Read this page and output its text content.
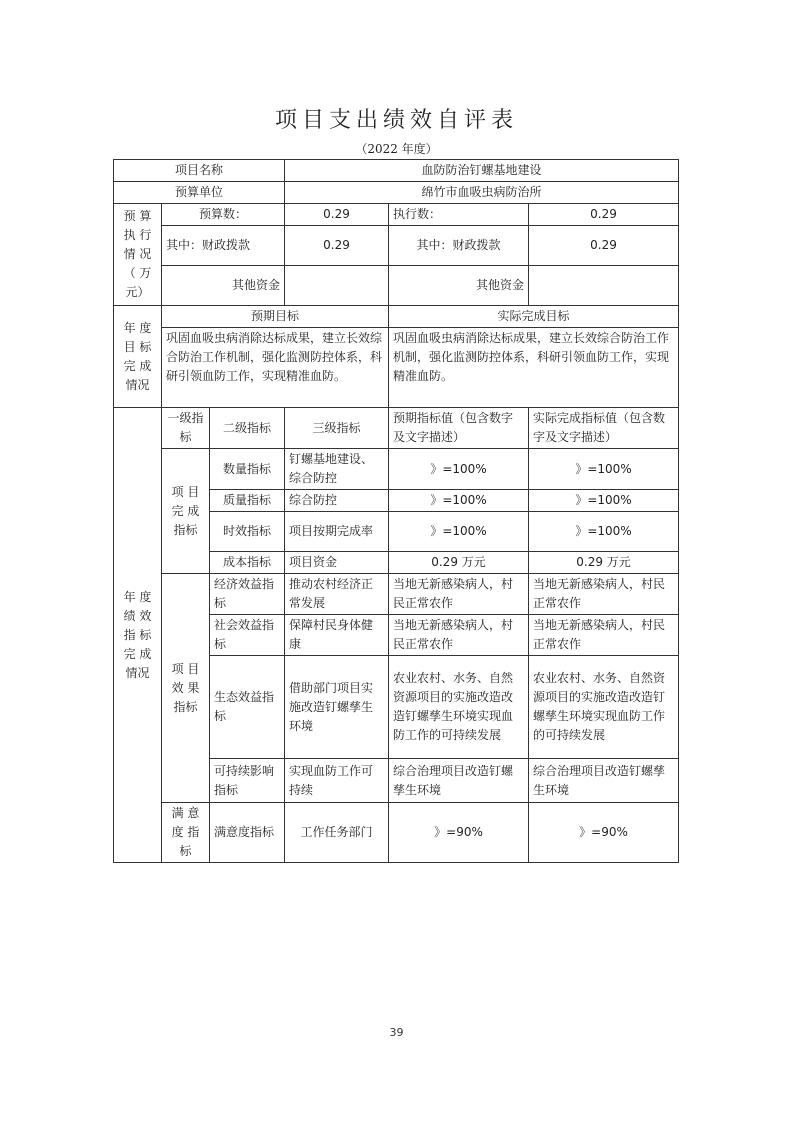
项目支出绩效自评表
（2022 年度）
项目名称			血防防治钉螺基地建设		
预算单位			绵竹市血吸虫病防治所		
预 算 执 行 情 况 （ 万 元）	预算数：		0.29	执行数：	0.29
	其中：财政拨款		0.29	其中：财政拨款	0.29
	其他资金			其他资金	
年 度 目 标 完 成 情况	预期目标			实际完成目标	
	巩固血吸虫病消除达标成果，建立长效综合防治工作机制，强化监测防控体系，科研引领血防工作，实现精准血防。			巩固血吸虫病消除达标成果，建立长效综合防治工作机制，强化监测防控体系，科研引领血防工作，实现精准血防。	
年 度 绩 效 指 标 完 成 情况	一级指标	二级指标	三级指标	预期指标值（包含数字及文字描述）	实际完成指标值（包含数字及文字描述）
	项 目 完 成 指标	数量指标	钉螺基地建设、综合防控	》=100%	》=100%
		质量指标	综合防控	》=100%	》=100%
		时效指标	项目按期完成率	》=100%	》=100%
		成本指标	项目资金	0.29 万元	0.29 万元
	项 目 效 果 指标	经济效益指标	推动农村经济正常发展	当地无新感染病人，村民正常农作	当地无新感染病人，村民正常农作
		社会效益指标	保障村民身体健康	当地无新感染病人，村民正常农作	当地无新感染病人，村民正常农作
		生态效益指标	借助部门项目实施改造钉螺孳生环境	农业农村、水务、自然资源项目的实施改造改造钉螺孳生环境实现血防工作的可持续发展	农业农村、水务、自然资源项目的实施改造改造钉螺孳生环境实现血防工作的可持续发展
		可持续影响指标	实现血防工作可持续	综合治理项目改造钉螺孳生环境	综合治理项目改造钉螺孳生环境
	满 意 度 指 标	满意度指标	工作任务部门	》=90%	》=90%
39
